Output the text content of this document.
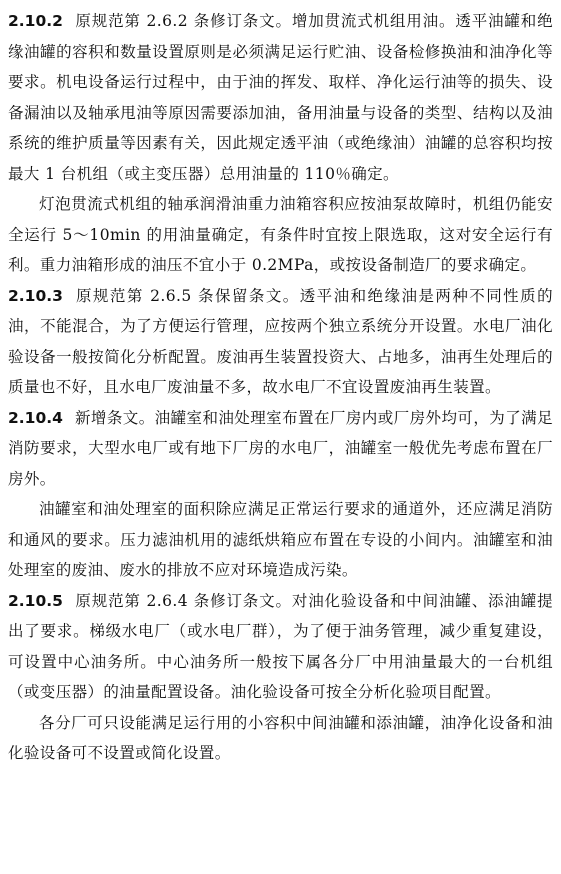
2.10.2 原规范第 2.6.2 条修订条文。增加贯流式机组用油。透平油罐和绝缘油罐的容积和数量设置原则是必须满足运行贮油、设备检修换油和油净化等要求。机电设备运行过程中，由于油的挥发、取样、净化运行油等的损失、设备漏油以及轴承甩油等原因需要添加油，备用油量与设备的类型、结构以及油系统的维护质量等因素有关，因此规定透平油（或绝缘油）油罐的总容积均按最大 1 台机组（或主变压器）总用油量的 110％确定。

灯泡贯流式机组的轴承润滑油重力油箱容积应按油泵故障时，机组仍能安全运行 5～10min 的用油量确定，有条件时宜按上限选取，这对安全运行有利。重力油箱形成的油压不宜小于 0.2MPa，或按设备制造厂的要求确定。

2.10.3 原规范第 2.6.5 条保留条文。透平油和绝缘油是两种不同性质的油，不能混合，为了方便运行管理，应按两个独立系统分开设置。水电厂油化验设备一般按简化分析配置。废油再生装置投资大、占地多，油再生处理后的质量也不好，且水电厂废油量不多，故水电厂不宜设置废油再生装置。

2.10.4 新增条文。油罐室和油处理室布置在厂房内或厂房外均可，为了满足消防要求，大型水电厂或有地下厂房的水电厂，油罐室一般优先考虑布置在厂房外。

油罐室和油处理室的面积除应满足正常运行要求的通道外，还应满足消防和通风的要求。压力滤油机用的滤纸烘箱应布置在专设的小间内。油罐室和油处理室的废油、废水的排放不应对环境造成污染。

2.10.5 原规范第 2.6.4 条修订条文。对油化验设备和中间油罐、添油罐提出了要求。梯级水电厂（或水电厂群），为了便于油务管理，减少重复建设，可设置中心油务所。中心油务所一般按下属各分厂中用油量最大的一台机组（或变压器）的油量配置设备。油化验设备可按全分析化验项目配置。

各分厂可只设能满足运行用的小容积中间油罐和添油罐，油净化设备和油化验设备可不设置或简化设置。
